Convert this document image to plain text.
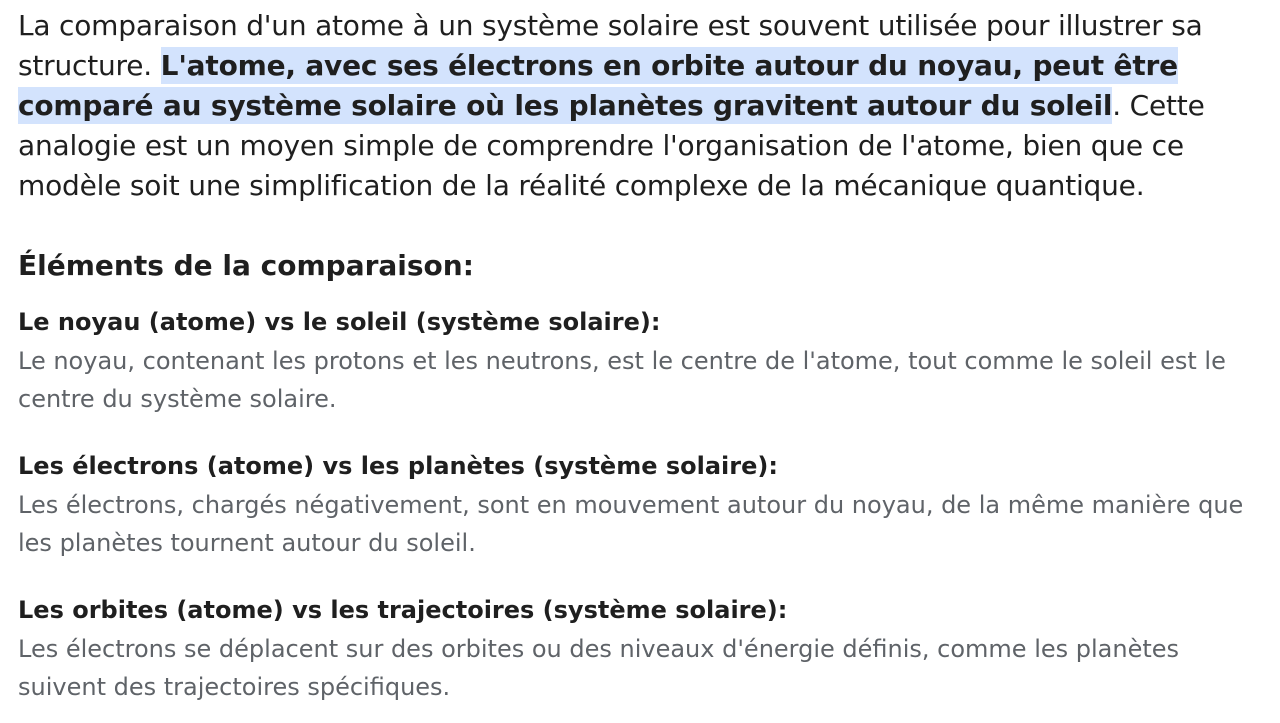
La comparaison d'un atome à un système solaire est souvent utilisée pour illustrer sa structure. L'atome, avec ses électrons en orbite autour du noyau, peut être comparé au système solaire où les planètes gravitent autour du soleil. Cette analogie est un moyen simple de comprendre l'organisation de l'atome, bien que ce modèle soit une simplification de la réalité complexe de la mécanique quantique.

Éléments de la comparaison:
Le noyau (atome) vs le soleil (système solaire):

Le noyau, contenant les protons et les neutrons, est le centre de l'atome, tout comme le soleil est le centre du système solaire.

Les électrons (atome) vs les planètes (système solaire):

Les électrons, chargés négativement, sont en mouvement autour du noyau, de la même manière que les planètes tournent autour du soleil.

Les orbites (atome) vs les trajectoires (système solaire):

Les électrons se déplacent sur des orbites ou des niveaux d'énergie définis, comme les planètes suivent des trajectoires spécifiques.
